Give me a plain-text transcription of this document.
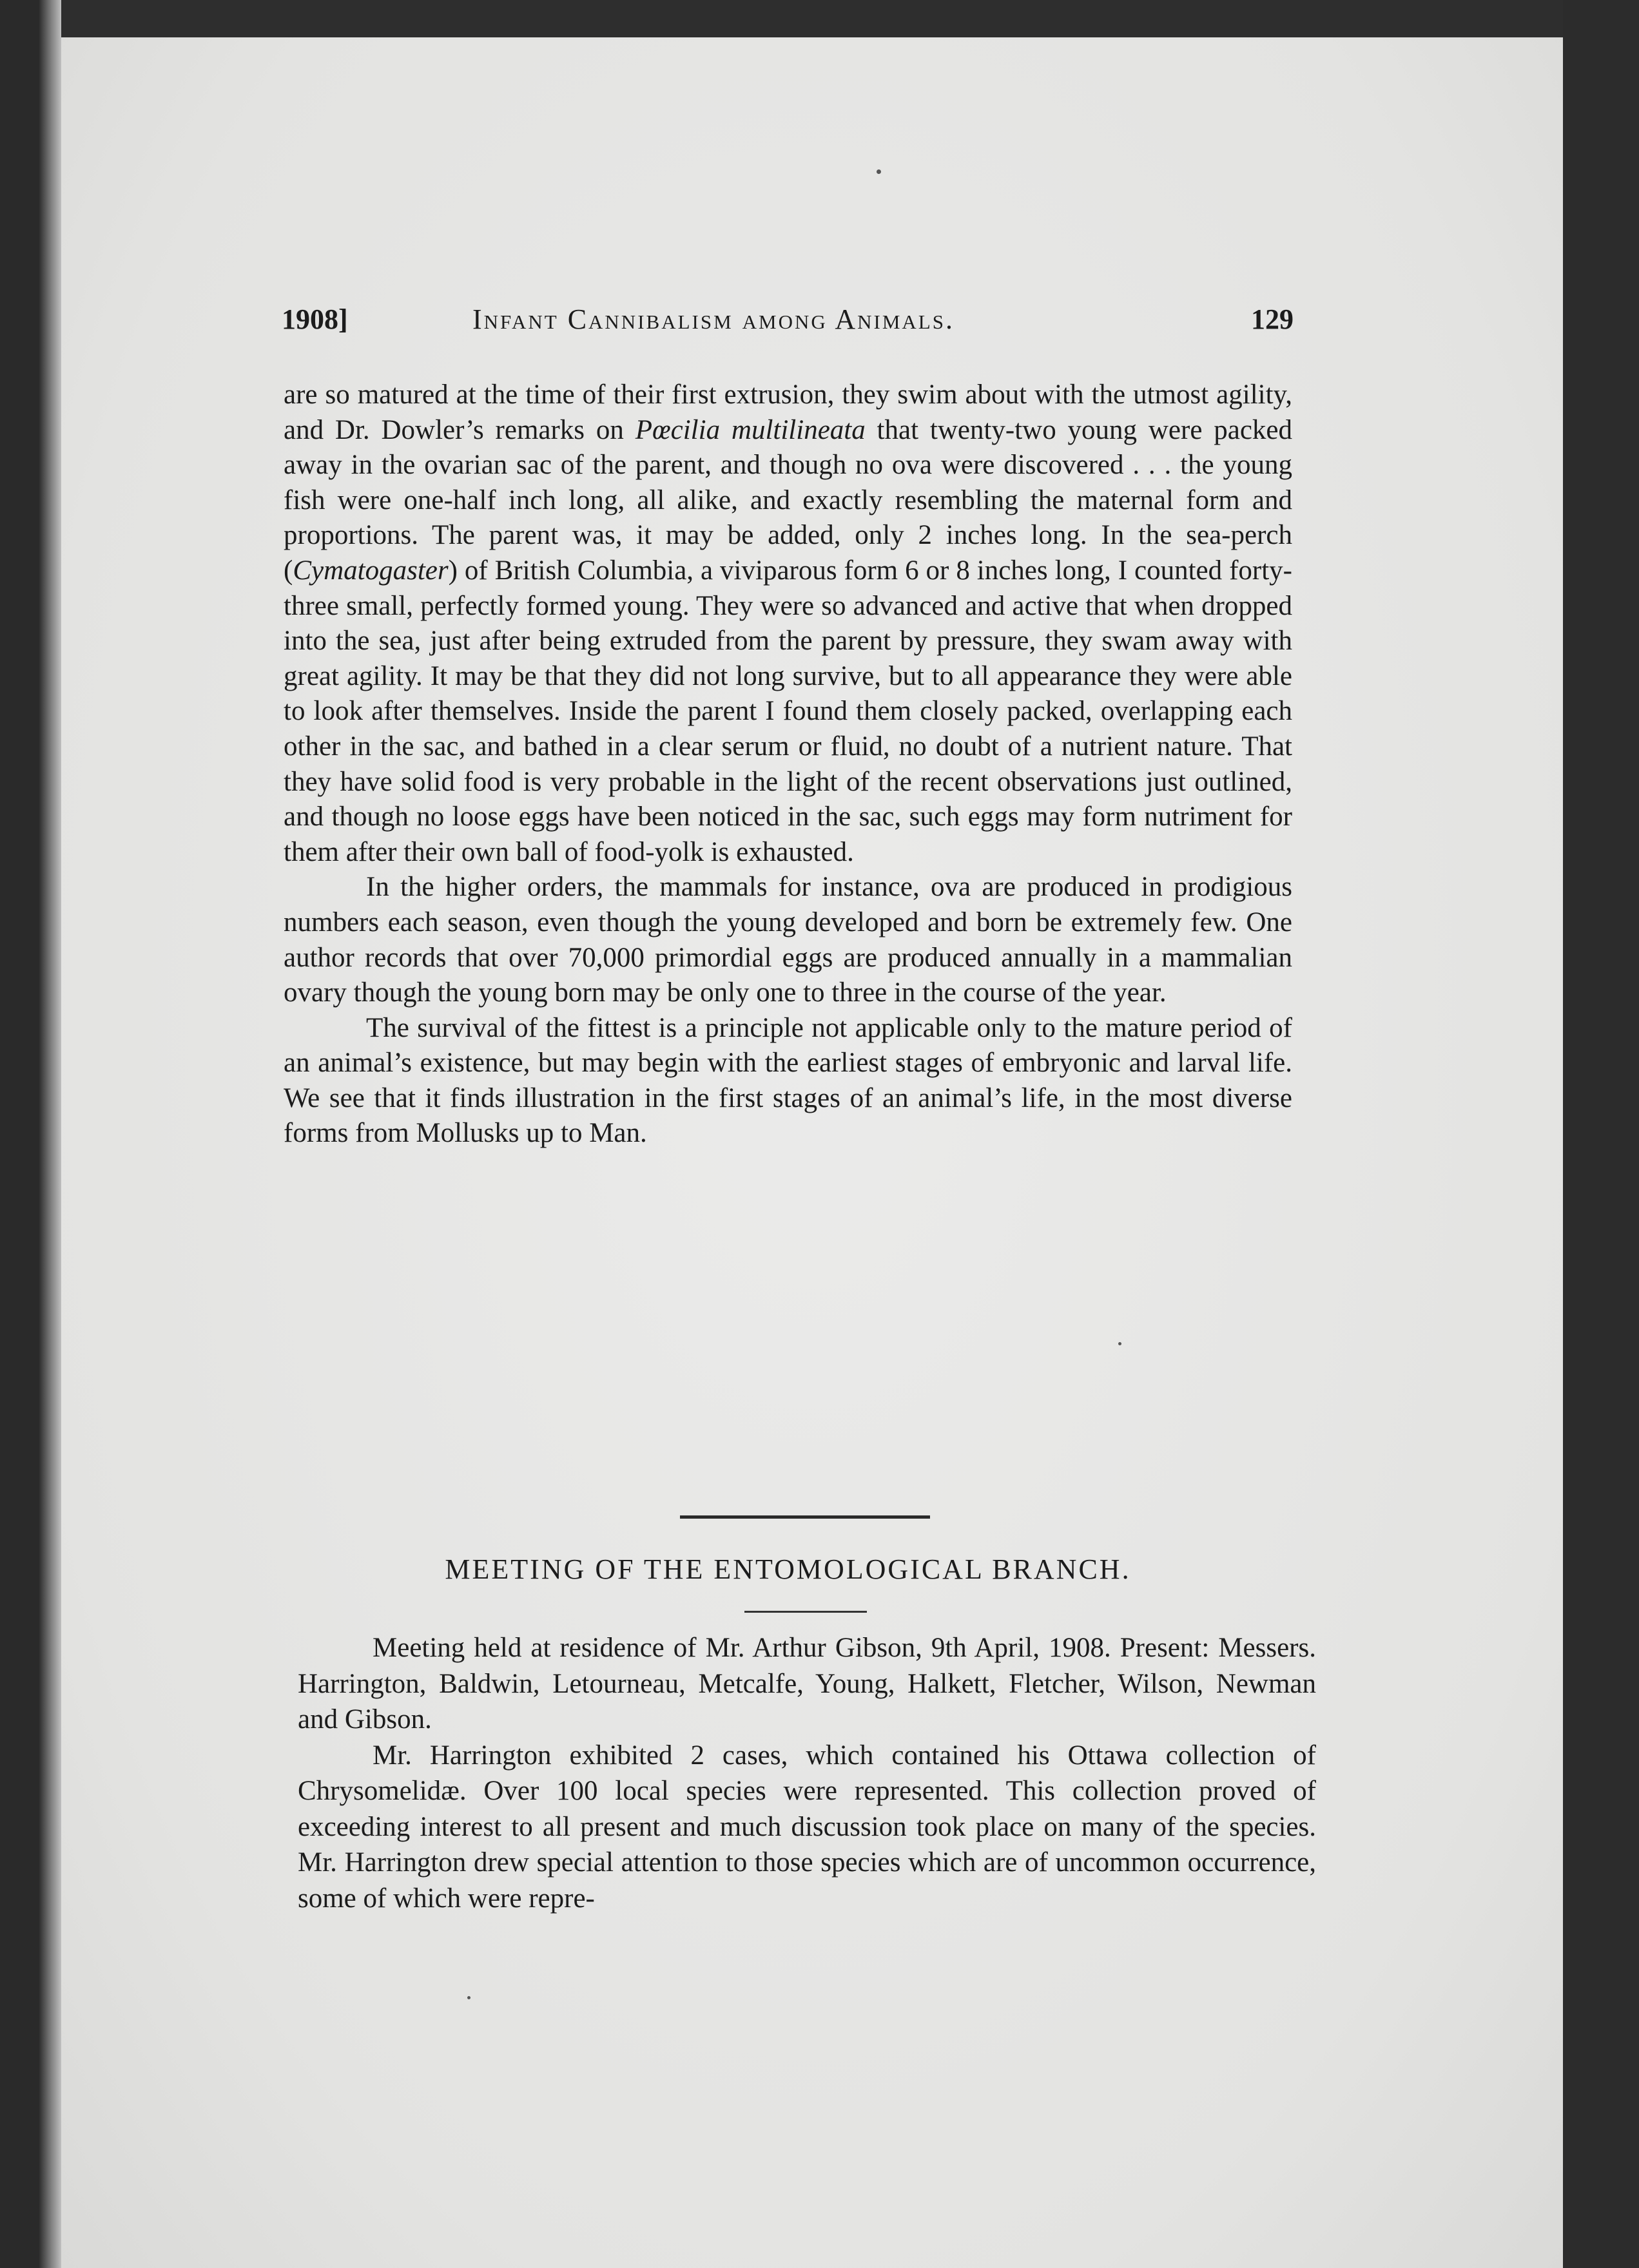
1908]	Infant Cannibalism among Animals.	129

are so matured at the time of their first extrusion, they swim about with the utmost agility, and Dr. Dowler’s remarks on Pœcilia multilineata that twenty-two young were packed away in the ovarian sac of the parent, and though no ova were discovered . . . the young fish were one-half inch long, all alike, and exactly resembling the maternal form and proportions. The parent was, it may be added, only 2 inches long. In the sea-perch (Cymatogaster) of British Columbia, a viviparous form 6 or 8 inches long, I counted forty-three small, perfectly formed young. They were so advanced and active that when dropped into the sea, just after being extruded from the parent by pressure, they swam away with great agility. It may be that they did not long survive, but to all appearance they were able to look after themselves. Inside the parent I found them closely packed, overlapping each other in the sac, and bathed in a clear serum or fluid, no doubt of a nutrient nature. That they have solid food is very probable in the light of the recent observations just outlined, and though no loose eggs have been noticed in the sac, such eggs may form nutriment for them after their own ball of food-yolk is exhausted.

In the higher orders, the mammals for instance, ova are produced in prodigious numbers each season, even though the young developed and born be extremely few. One author records that over 70,000 primordial eggs are produced annually in a mammalian ovary though the young born may be only one to three in the course of the year.

The survival of the fittest is a principle not applicable only to the mature period of an animal’s existence, but may begin with the earliest stages of embryonic and larval life. We see that it finds illustration in the first stages of an animal’s life, in the most diverse forms from Mollusks up to Man.

MEETING OF THE ENTOMOLOGICAL BRANCH.

Meeting held at residence of Mr. Arthur Gibson, 9th April, 1908. Present: Messers. Harrington, Baldwin, Letourneau, Metcalfe, Young, Halkett, Fletcher, Wilson, Newman and Gibson.

Mr. Harrington exhibited 2 cases, which contained his Ottawa collection of Chrysomelidæ. Over 100 local species were represented. This collection proved of exceeding interest to all present and much discussion took place on many of the species. Mr. Harrington drew special attention to those species which are of uncommon occurrence, some of which were repre-
